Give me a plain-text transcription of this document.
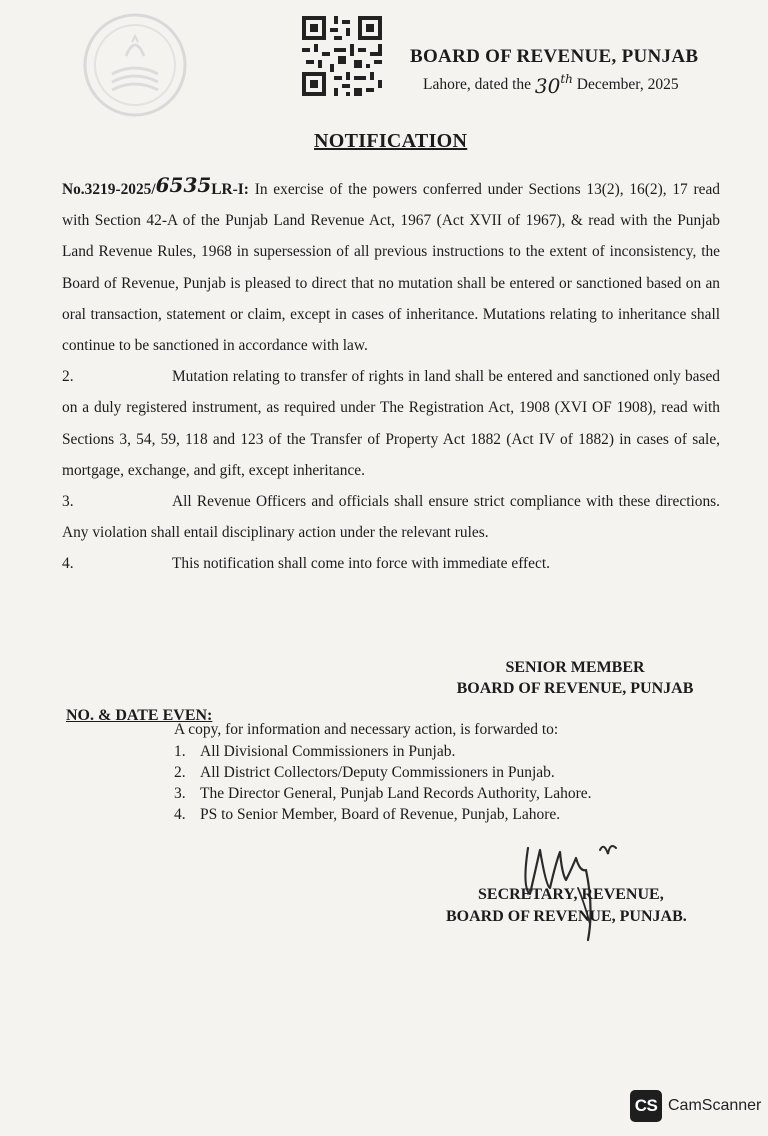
BOARD OF REVENUE, PUNJAB
Lahore, dated the 30th December, 2025
NOTIFICATION

No.3219-2025/6535LR-I: In exercise of the powers conferred under Sections 13(2), 16(2), 17 read with Section 42-A of the Punjab Land Revenue Act, 1967 (Act XVII of 1967), & read with the Punjab Land Revenue Rules, 1968 in supersession of all previous instructions to the extent of inconsistency, the Board of Revenue, Punjab is pleased to direct that no mutation shall be entered or sanctioned based on an oral transaction, statement or claim, except in cases of inheritance. Mutations relating to inheritance shall continue to be sanctioned in accordance with law.

2.	Mutation relating to transfer of rights in land shall be entered and sanctioned only based on a duly registered instrument, as required under The Registration Act, 1908 (XVI OF 1908), read with Sections 3, 54, 59, 118 and 123 of the Transfer of Property Act 1882 (Act IV of 1882) in cases of sale, mortgage, exchange, and gift, except inheritance.

3.	All Revenue Officers and officials shall ensure strict compliance with these directions. Any violation shall entail disciplinary action under the relevant rules.

4.	This notification shall come into force with immediate effect.

SENIOR MEMBER
BOARD OF REVENUE, PUNJAB
NO. & DATE EVEN:
A copy, for information and necessary action, is forwarded to:
1. All Divisional Commissioners in Punjab.
2. All District Collectors/Deputy Commissioners in Punjab.
3. The Director General, Punjab Land Records Authority, Lahore.
4. PS to Senior Member, Board of Revenue, Punjab, Lahore.
SECRETARY, REVENUE,
BOARD OF REVENUE, PUNJAB.
CS CamScanner
